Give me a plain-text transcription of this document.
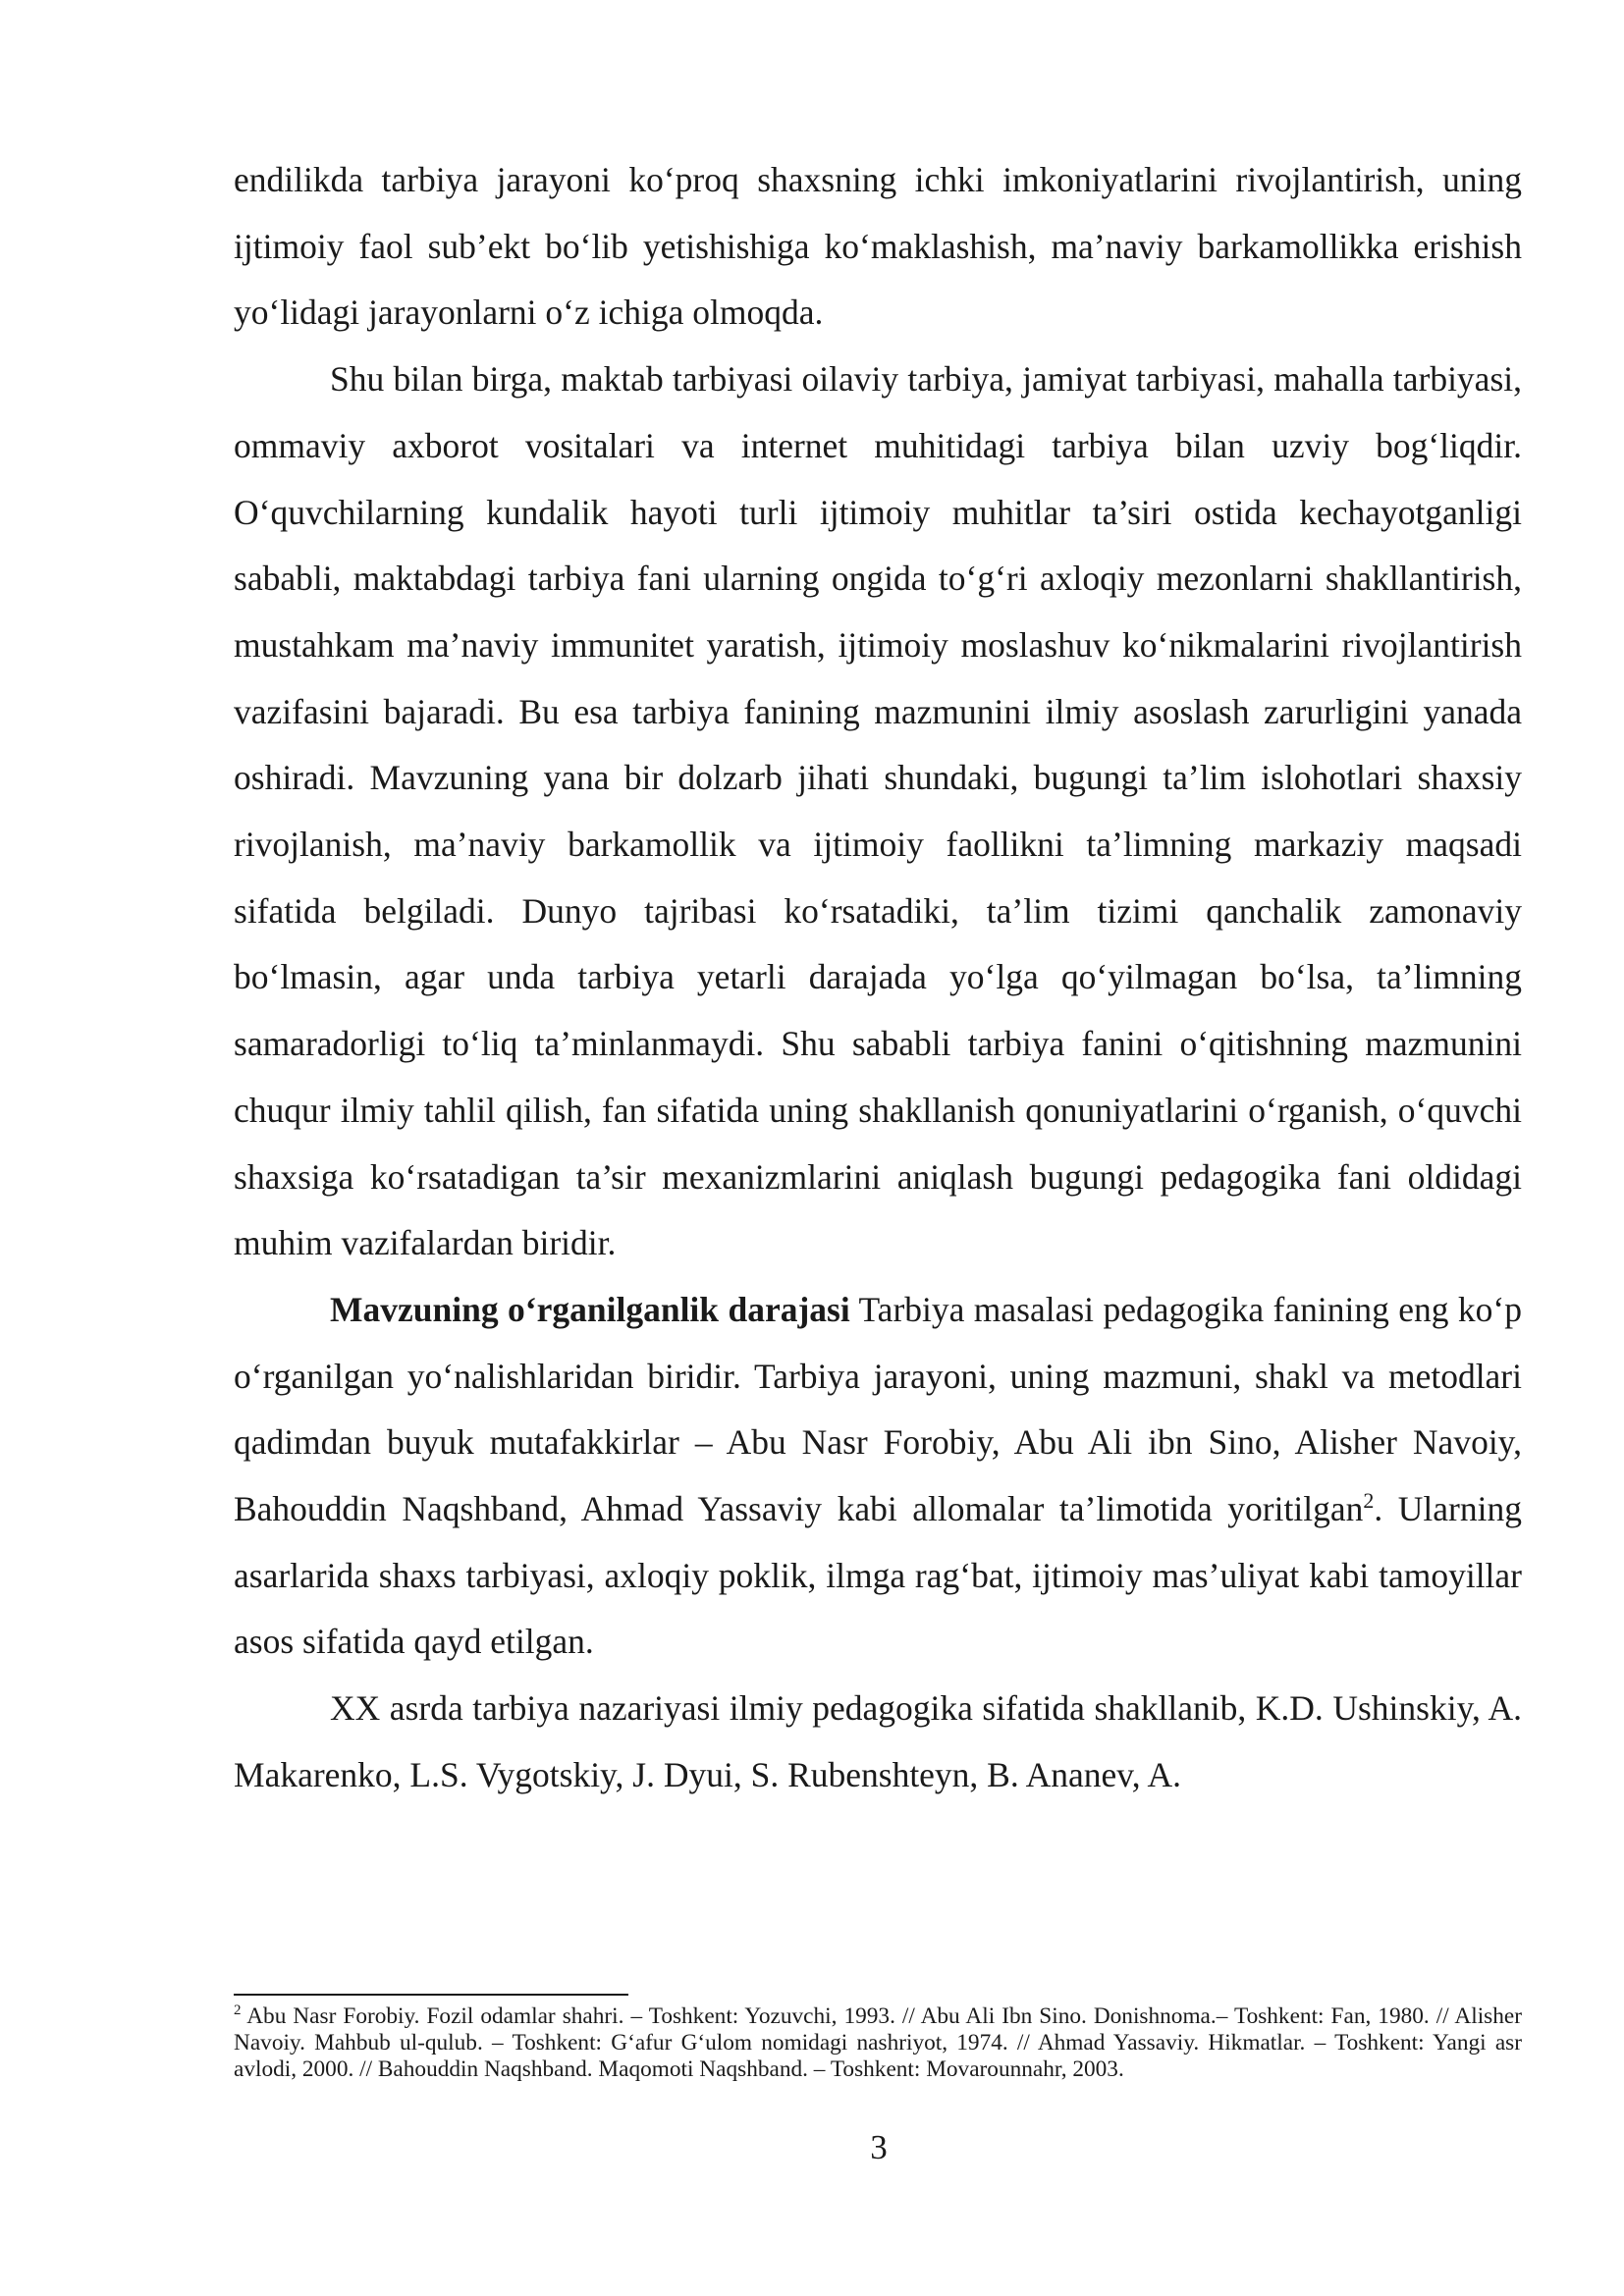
endilikda tarbiya jarayoni ko‘proq shaxsning ichki imkoniyatlarini rivojlantirish, uning ijtimoiy faol sub’ekt bo‘lib yetishishiga ko‘maklashish, ma’naviy barkamollikka erishish yo‘lidagi jarayonlarni o‘z ichiga olmoqda.

Shu bilan birga, maktab tarbiyasi oilaviy tarbiya, jamiyat tarbiyasi, mahalla tarbiyasi, ommaviy axborot vositalari va internet muhitidagi tarbiya bilan uzviy bog‘liqdir. O‘quvchilarning kundalik hayoti turli ijtimoiy muhitlar ta’siri ostida kechayotganligi sababli, maktabdagi tarbiya fani ularning ongida to‘g‘ri axloqiy mezonlarni shakllantirish, mustahkam ma’naviy immunitet yaratish, ijtimoiy moslashuv ko‘nikmalarini rivojlantirish vazifasini bajaradi. Bu esa tarbiya fanining mazmunini ilmiy asoslash zarurligini yanada oshiradi. Mavzuning yana bir dolzarb jihati shundaki, bugungi ta’lim islohotlari shaxsiy rivojlanish, ma’naviy barkamollik va ijtimoiy faollikni ta’limning markaziy maqsadi sifatida belgiladi. Dunyo tajribasi ko‘rsatadiki, ta’lim tizimi qanchalik zamonaviy bo‘lmasin, agar unda tarbiya yetarli darajada yo‘lga qo‘yilmagan bo‘lsa, ta’limning samaradorligi to‘liq ta’minlanmaydi. Shu sababli tarbiya fanini o‘qitishning mazmunini chuqur ilmiy tahlil qilish, fan sifatida uning shakllanish qonuniyatlarini o‘rganish, o‘quvchi shaxsiga ko‘rsatadigan ta’sir mexanizmlarini aniqlash bugungi pedagogika fani oldidagi muhim vazifalardan biridir.

Mavzuning o‘rganilganlik darajasi Tarbiya masalasi pedagogika fanining eng ko‘p o‘rganilgan yo‘nalishlaridan biridir. Tarbiya jarayoni, uning mazmuni, shakl va metodlari qadimdan buyuk mutafakkirlar – Abu Nasr Forobiy, Abu Ali ibn Sino, Alisher Navoiy, Bahouddin Naqshband, Ahmad Yassaviy kabi allomalar ta’limotida yoritilgan$^2$. Ularning asarlarida shaxs tarbiyasi, axloqiy poklik, ilmga rag‘bat, ijtimoiy mas’uliyat kabi tamoyillar asos sifatida qayd etilgan.

XX asrda tarbiya nazariyasi ilmiy pedagogika sifatida shakllanib, K.D. Ushinskiy, A. Makarenko, L.S. Vygotskiy, J. Dyui, S. Rubenshteyn, B. Ananev, A.

$^2$ Abu Nasr Forobiy. Fozil odamlar shahri. – Toshkent: Yozuvchi, 1993. // Abu Ali Ibn Sino. Donishnoma.– Toshkent: Fan, 1980. // Alisher Navoiy. Mahbub ul-qulub. – Toshkent: G‘afur G‘ulom nomidagi nashriyot, 1974. // Ahmad Yassaviy. Hikmatlar. – Toshkent: Yangi asr avlodi, 2000. // Bahouddin Naqshband. Maqomoti Naqshband. – Toshkent: Movarounnahr, 2003.

3
